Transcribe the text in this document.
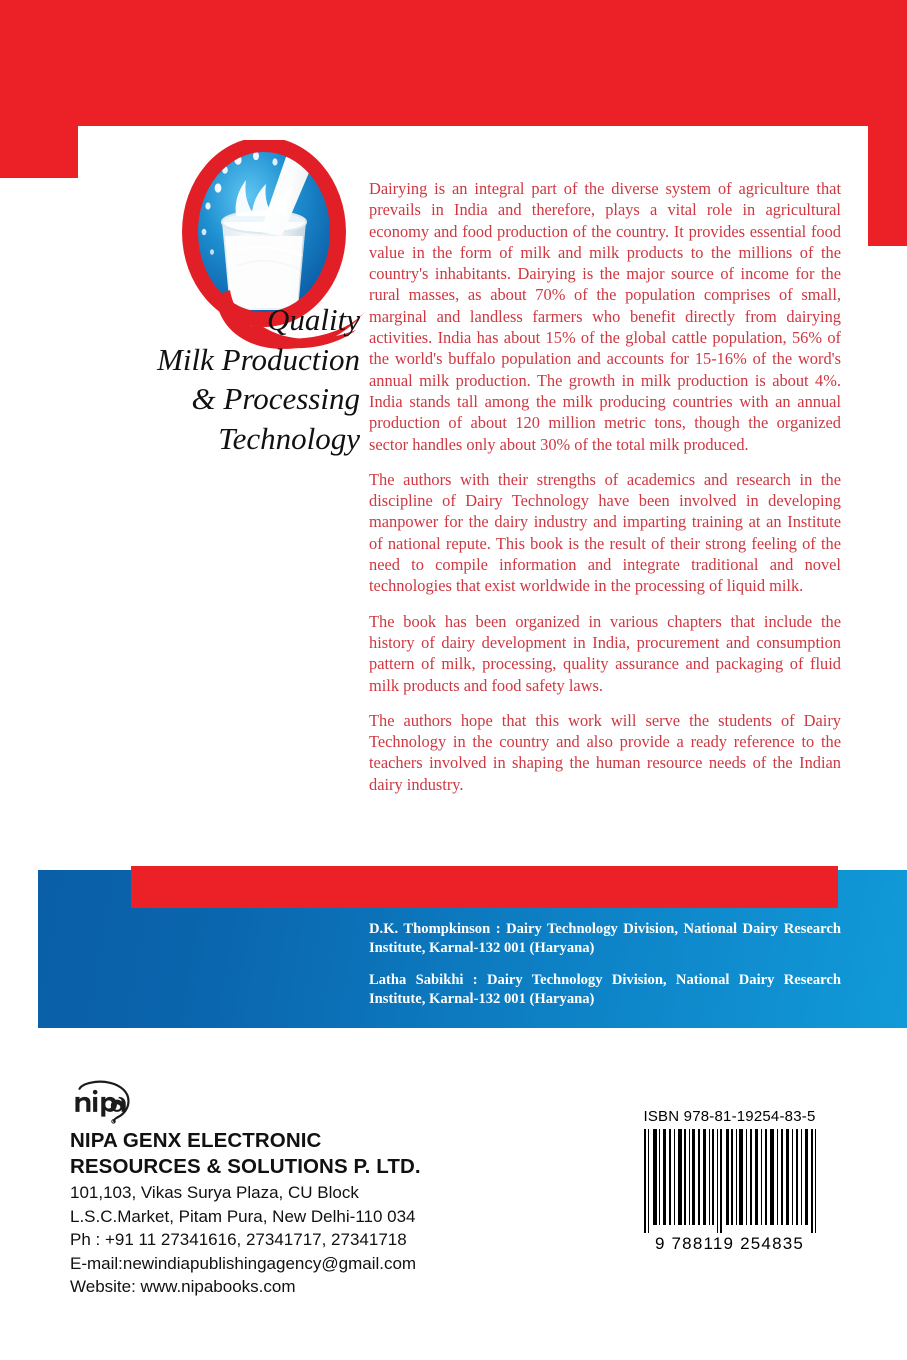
Quality
Milk Production
& Processing
Technology

Dairying is an integral part of the diverse system of agriculture that prevails in India and therefore, plays a vital role in agricultural economy and food production of the country. It provides essential food value in the form of milk and milk products to the millions of the country's inhabitants. Dairying is the major source of income for the rural masses, as about 70% of the population comprises of small, marginal and landless farmers who benefit directly from dairying activities. India has about 15% of the global cattle population, 56% of the world's buffalo population and accounts for 15-16% of the word's annual milk production. The growth in milk production is about 4%. India stands tall among the milk producing countries with an annual production of about 120 million metric tons, though the organized sector handles only about 30% of the total milk produced.

The authors with their strengths of academics and research in the discipline of Dairy Technology have been involved in developing manpower for the dairy industry and imparting training at an Institute of national repute. This book is the result of their strong feeling of the need to compile information and integrate traditional and novel technologies that exist worldwide in the processing of liquid milk.

The book has been organized in various chapters that include the history of dairy development in India, procurement and consumption pattern of milk, processing, quality assurance and packaging of fluid milk products and food safety laws.

The authors hope that this work will serve the students of Dairy Technology in the country and also provide a ready reference to the teachers involved in shaping the human resource needs of the Indian dairy industry.

D.K. Thompkinson : Dairy Technology Division, National Dairy Research Institute, Karnal-132 001 (Haryana)

Latha Sabikhi : Dairy Technology Division, National Dairy Research Institute, Karnal-132 001 (Haryana)

NIPA GENX ELECTRONIC
RESOURCES & SOLUTIONS P. LTD.
101,103, Vikas Surya Plaza, CU Block
L.S.C.Market, Pitam Pura, New Delhi-110 034
Ph : +91 11 27341616, 27341717, 27341718
E-mail:newindiapublishingagency@gmail.com
Website: www.nipabooks.com
ISBN 978-81-19254-83-5
9 788119 254835
